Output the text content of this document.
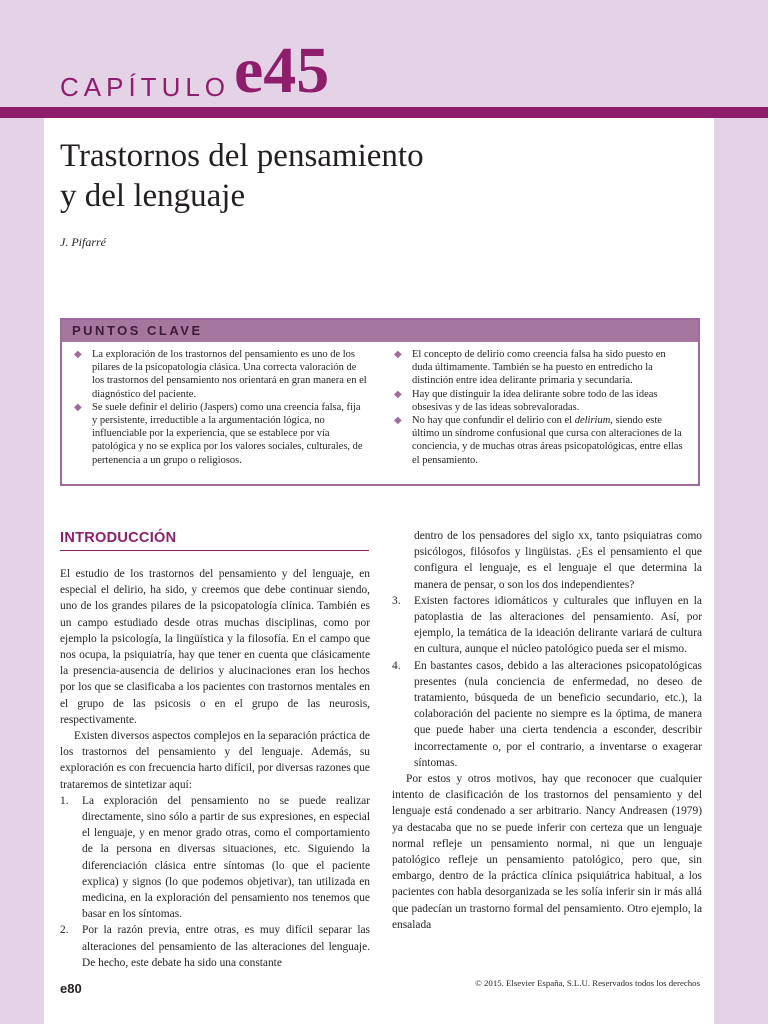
CAPÍTULO e45
Trastornos del pensamiento
y del lenguaje
J. Pifarré
PUNTOS CLAVE
◆ La exploración de los trastornos del pensamiento es uno de los pilares de la psicopatología clásica. Una correcta valoración de los trastornos del pensamiento nos orientará en gran manera en el diagnóstico del paciente.
◆ Se suele definir el delirio (Jaspers) como una creencia falsa, fija y persistente, irreductible a la argumentación lógica, no influenciable por la experiencia, que se establece por vía patológica y no se explica por los valores sociales, culturales, de pertenencia a un grupo o religiosos.
◆ El concepto de delirio como creencia falsa ha sido puesto en duda últimamente. También se ha puesto en entredicho la distinción entre idea delirante primaria y secundaria.
◆ Hay que distinguir la idea delirante sobre todo de las ideas obsesivas y de las ideas sobrevaloradas.
◆ No hay que confundir el delirio con el delirium, siendo este último un síndrome confusional que cursa con alteraciones de la conciencia, y de muchas otras áreas psicopatológicas, entre ellas el pensamiento.
INTRODUCCIÓN

El estudio de los trastornos del pensamiento y del lenguaje, en especial el delirio, ha sido, y creemos que debe continuar siendo, uno de los grandes pilares de la psicopatología clínica. También es un campo estudiado desde otras muchas disciplinas, como por ejemplo la psicología, la lingüística y la filosofía. En el campo que nos ocupa, la psiquiatría, hay que tener en cuenta que clásicamente la presencia-ausencia de delirios y alucinaciones eran los hechos por los que se clasificaba a los pacientes con trastornos mentales en el grupo de las psicosis o en el grupo de las neurosis, respectivamente.

Existen diversos aspectos complejos en la separación práctica de los trastornos del pensamiento y del lenguaje. Además, su exploración es con frecuencia harto difícil, por diversas razones que trataremos de sintetizar aquí:

1. La exploración del pensamiento no se puede realizar directamente, sino sólo a partir de sus expresiones, en especial el lenguaje, y en menor grado otras, como el comportamiento de la persona en diversas situaciones, etc. Siguiendo la diferenciación clásica entre síntomas (lo que el paciente explica) y signos (lo que podemos objetivar), tan utilizada en medicina, en la exploración del pensamiento nos tenemos que basar en los síntomas.
2. Por la razón previa, entre otras, es muy difícil separar las alteraciones del pensamiento de las alteraciones del lenguaje. De hecho, este debate ha sido una constante
dentro de los pensadores del siglo xx, tanto psiquiatras como psicólogos, filósofos y lingüistas. ¿Es el pensamiento el que configura el lenguaje, es el lenguaje el que determina la manera de pensar, o son los dos independientes?
3. Existen factores idiomáticos y culturales que influyen en la patoplastia de las alteraciones del pensamiento. Así, por ejemplo, la temática de la ideación delirante variará de cultura en cultura, aunque el núcleo patológico pueda ser el mismo.
4. En bastantes casos, debido a las alteraciones psicopatológicas presentes (nula conciencia de enfermedad, no deseo de tratamiento, búsqueda de un beneficio secundario, etc.), la colaboración del paciente no siempre es la óptima, de manera que puede haber una cierta tendencia a esconder, describir incorrectamente o, por el contrario, a inventarse o exagerar síntomas.

Por estos y otros motivos, hay que reconocer que cualquier intento de clasificación de los trastornos del pensamiento y del lenguaje está condenado a ser arbitrario. Nancy Andreasen (1979) ya destacaba que no se puede inferir con certeza que un lenguaje normal refleje un pensamiento normal, ni que un lenguaje patológico refleje un pensamiento patológico, pero que, sin embargo, dentro de la práctica clínica psiquiátrica habitual, a los pacientes con habla desorganizada se les solía inferir sin ir más allá que padecían un trastorno formal del pensamiento. Otro ejemplo, la ensalada

e80	© 2015. Elsevier España, S.L.U. Reservados todos los derechos
